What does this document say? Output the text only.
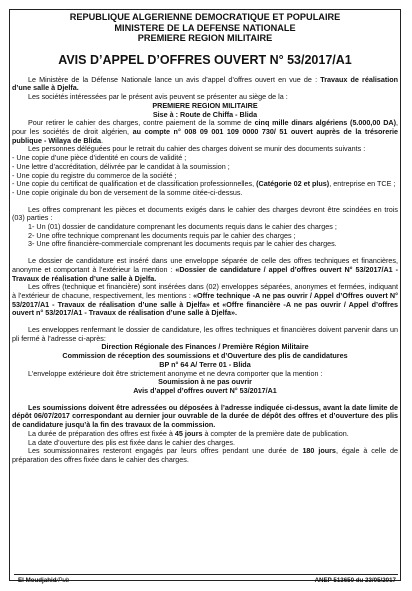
REPUBLIQUE ALGERIENNE DEMOCRATIQUE ET POPULAIRE
MINISTERE DE LA DEFENSE NATIONALE
PREMIERE REGION MILITAIRE
AVIS D’APPEL D’OFFRES OUVERT N° 53/2017/A1

Le Ministère de la Défense Nationale lance un avis d’appel d’offres ouvert en vue de : Travaux de réalisation d’une salle à Djelfa.

Les sociétés intéressées par le présent avis peuvent se présenter au siège de la :

PREMIERE REGION MILITAIRE

Sise à : Route de Chiffa - Blida

Pour retirer le cahier des charges, contre paiement de la somme de cinq mille dinars algériens (5.000,00 DA), pour les sociétés de droit algérien, au compte n° 008 09 001 109 0000 730/ 51 ouvert auprès de la trésorerie publique - Wilaya de Blida.

Les personnes déléguées pour le retrait du cahier des charges doivent se munir des documents suivants :

- Une copie d’une pièce d’identité en cours de validité ;

- Une lettre d’accréditation, délivrée par le candidat à la soumission ;

- Une copie du registre du commerce de la société ;

- Une copie du certificat de qualification et de classification professionnelles, (Catégorie 02 et plus), entreprise en TCE ;

- Une copie originale du bon de versement de la somme citée-ci-dessus.

Les offres comprenant les pièces et documents exigés dans le cahier des charges devront être scindées en trois (03) parties :

1- Un (01) dossier de candidature comprenant les documents requis dans le cahier des charges ;

2- Une offre technique comprenant les documents requis par le cahier des charges ;

3- Une offre financière-commerciale comprenant les documents requis par le cahier des charges.

Le dossier de candidature est inséré dans une enveloppe séparée de celle des offres techniques et financières, anonyme et comportant à l’extérieur la mention : «Dossier de candidature / appel d’offres ouvert N° 53/2017/A1 - Travaux de réalisation d’une salle à Djelfa.

Les offres (technique et financière) sont insérées dans (02) enveloppes séparées, anonymes et fermées, indiquant à l’extérieur de chacune, respectivement, les mentions : «Offre technique -A ne pas ouvrir / Appel d’Offres ouvert N° 53/2017/A1 - Travaux de réalisation d’une salle à Djelfa» et «Offre financière -A ne pas ouvrir / Appel d’offres ouvert n° 53/2017/A1 - Travaux de réalisation d’une salle à Djelfa».

Les enveloppes renfermant le dossier de candidature, les offres techniques et financières doivent parvenir dans un pli fermé à l’adresse ci-après:

Direction Régionale des Finances / Première Région Militaire

Commission de réception des soumissions et d’Ouverture des plis de candidatures

BP n° 64 A/ Terre 01 - Blida

L’enveloppe extérieure doit être strictement anonyme et ne devra comporter que la mention :

Soumission à ne pas ouvrir

Avis d’appel d’offres ouvert N° 53/2017/A1

Les soumissions doivent être adressées ou déposées à l’adresse indiquée ci-dessus, avant la date limite de dépôt 06/07/2017 correspondant au dernier jour ouvrable de la durée de dépôt des offres et d’ouverture des plis de candidature jusqu’à la fin des travaux de la commission.

La durée de préparation des offres est fixée à 45 jours à compter de la première date de publication.

La date d’ouverture des plis est fixée dans le cahier des charges.

Les soumissionnaires resteront engagés par leurs offres pendant une durée de 180 jours, égale à celle de préparation des offres fixée dans le cahier des charges.

El Moudjahid/Pub	ANEP 513650 du 23/05/2017
